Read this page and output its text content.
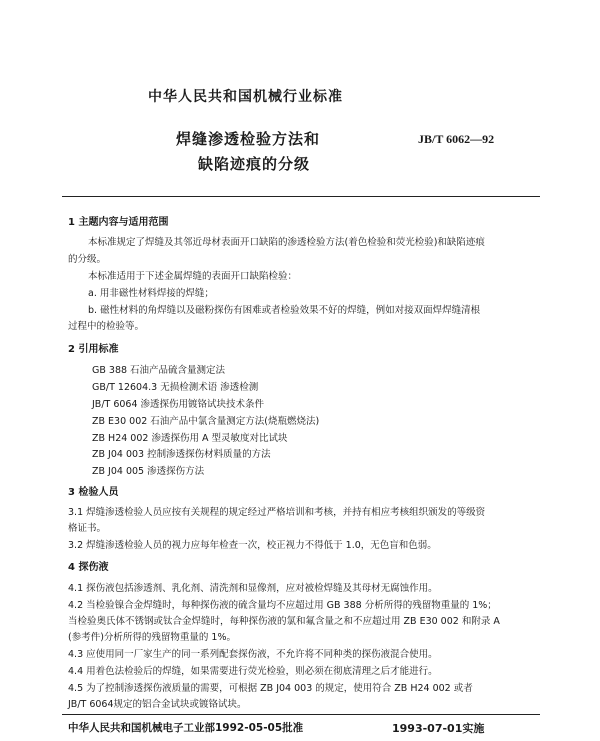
中华人民共和国机械行业标准
焊缝渗透检验方法和
缺陷迹痕的分级
JB/T 6062—92
1 主题内容与适用范围
本标准规定了焊缝及其邻近母材表面开口缺陷的渗透检验方法(着色检验和荧光检验)和缺陷迹痕
的分级。
本标准适用于下述金属焊缝的表面开口缺陷检验：
a. 用非磁性材料焊接的焊缝；
b. 磁性材料的角焊缝以及磁粉探伤有困难或者检验效果不好的焊缝，例如对接双面焊焊缝清根
过程中的检验等。
2 引用标准
GB 388 石油产品硫含量测定法
GB/T 12604.3 无损检测术语 渗透检测
JB/T 6064 渗透探伤用镀铬试块技术条件
ZB E30 002 石油产品中氯含量测定方法(烧瓶燃烧法)
ZB H24 002 渗透探伤用 A 型灵敏度对比试块
ZB J04 003 控制渗透探伤材料质量的方法
ZB J04 005 渗透探伤方法
3 检验人员
3.1 焊缝渗透检验人员应按有关规程的规定经过严格培训和考核，并持有相应考核组织颁发的等级资
格证书。
3.2 焊缝渗透检验人员的视力应每年检查一次，校正视力不得低于 1.0，无色盲和色弱。
4 探伤液
4.1 探伤液包括渗透剂、乳化剂、清洗剂和显像剂，应对被检焊缝及其母材无腐蚀作用。
4.2 当检验镍合金焊缝时，每种探伤液的硫含量均不应超过用 GB 388 分析所得的残留物重量的 1%；
当检验奥氏体不锈钢或钛合金焊缝时，每种探伤液的氯和氟含量之和不应超过用 ZB E30 002 和附录 A
(参考件)分析所得的残留物重量的 1%。
4.3 应使用同一厂家生产的同一系列配套探伤液，不允许将不同种类的探伤液混合使用。
4.4 用着色法检验后的焊缝，如果需要进行荧光检验，则必须在彻底清理之后才能进行。
4.5 为了控制渗透探伤液质量的需要，可根据 ZB J04 003 的规定，使用符合 ZB H24 002 或者
JB/T 6064规定的铝合金试块或镀铬试块。
中华人民共和国机械电子工业部1992-05-05批准	1993-07-01实施
